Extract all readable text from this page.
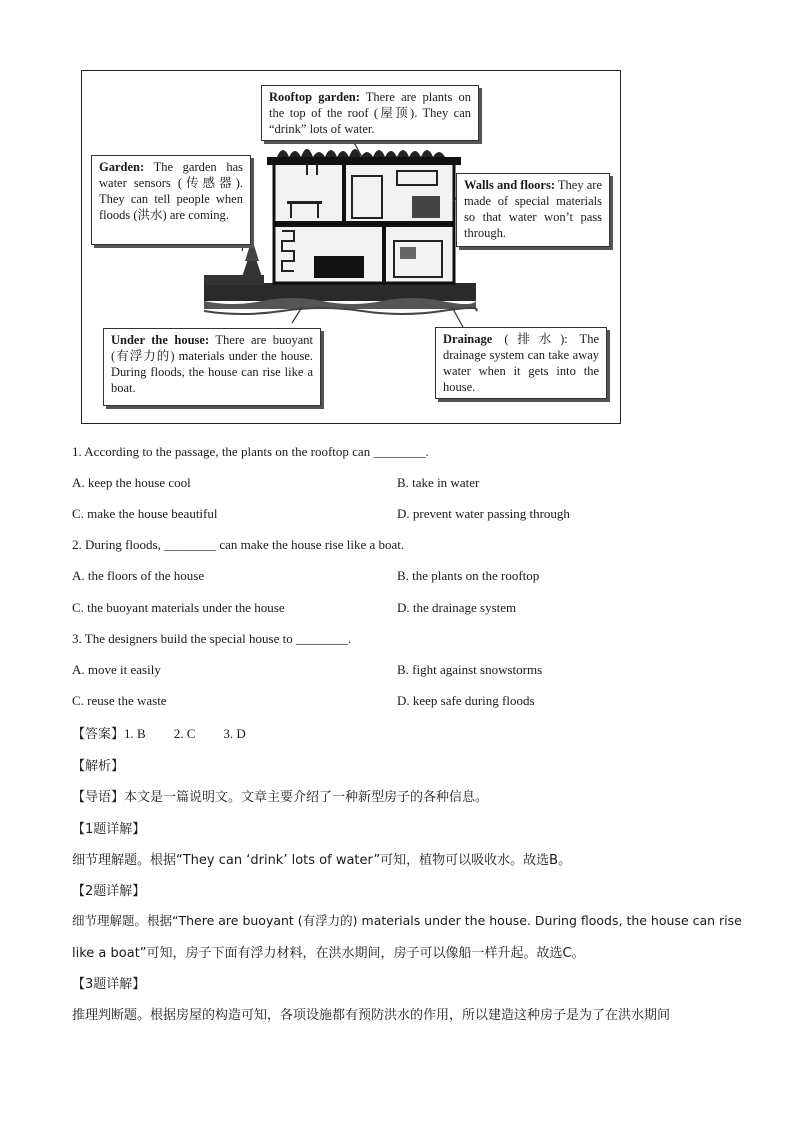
Rooftop garden: There are plants on the top of the roof (屋顶). They can “drink” lots of water.
Garden: The garden has water sensors (传感器). They can tell people when floods (洪水) are coming.
Walls and floors: They are made of special materials so that water won’t pass through.
Under the house: There are buoyant (有浮力的) materials under the house. During floods, the house can rise like a boat.
Drainage (排水): The drainage system can take away water when it gets into the house.
1. According to the passage, the plants on the rooftop can ________.
A. keep the house cool	B. take in water
C. make the house beautiful	D. prevent water passing through
2. During floods, ________ can make the house rise like a boat.
A. the floors of the house	B. the plants on the rooftop
C. the buoyant materials under the house	D. the drainage system
3. The designers build the special house to ________.
A. move it easily	B. fight against snowstorms
C. reuse the waste	D. keep safe during floods
【答案】1. B 2. C 3. D
【解析】
【导语】本文是一篇说明文。文章主要介绍了一种新型房子的各种信息。
【1题详解】
细节理解题。根据“They can ‘drink’ lots of water”可知，植物可以吸收水。故选B。
【2题详解】
细节理解题。根据“There are buoyant (有浮力的) materials under the house. During floods, the house can rise
like a boat”可知，房子下面有浮力材料，在洪水期间，房子可以像船一样升起。故选C。
【3题详解】
推理判断题。根据房屋的构造可知，各项设施都有预防洪水的作用，所以建造这种房子是为了在洪水期间
